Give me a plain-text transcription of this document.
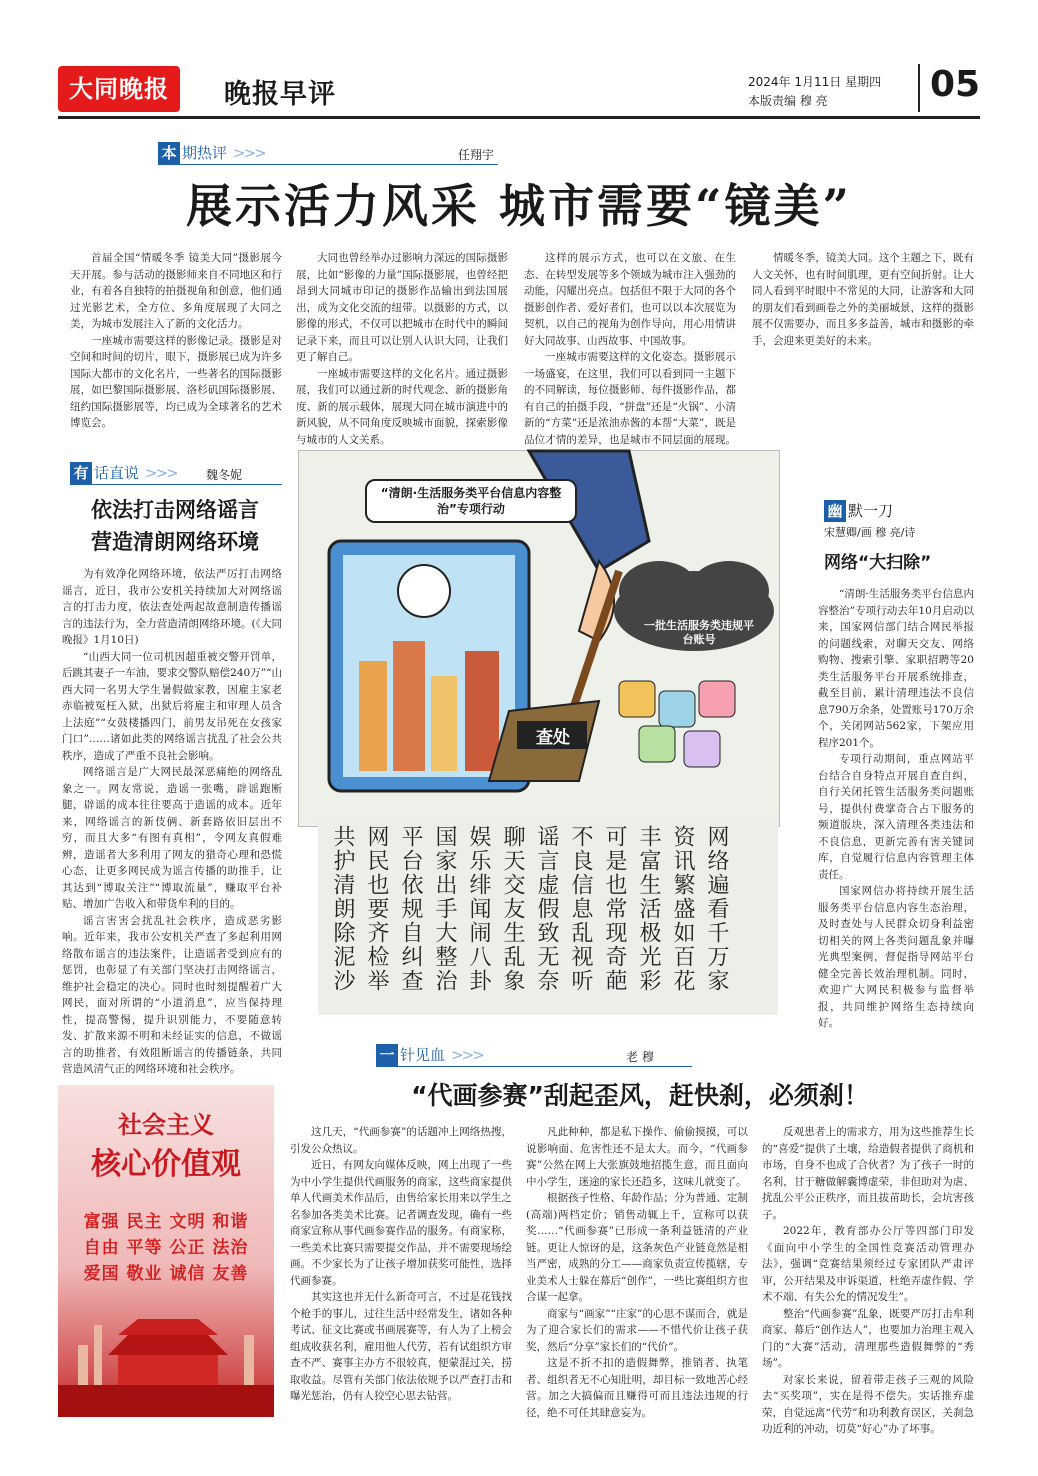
大同晚报	晚报早评	2024年 1月11日 星期四
本版责编 穆 亮	05
本 期热评 >>>	任翔宇
展示活力风采 城市需要“镜美”

首届全国“情暖冬季 镜美大同”摄影展今天开展。参与活动的摄影师来自不同地区和行业，有着各自独特的拍摄视角和创意，他们通过光影艺术，全方位、多角度展现了大同之美，为城市发展注入了新的文化活力。

一座城市需要这样的影像记录。摄影是对空间和时间的切片，眼下，摄影展已成为许多国际大都市的文化名片，一些著名的国际摄影展，如巴黎国际摄影展、洛杉矶国际摄影展、纽约国际摄影展等，均已成为全球著名的艺术博览会。

大同也曾经举办过影响力深远的国际摄影展，比如“影像的力量”国际摄影展，也曾经把昂到大同城市印记的摄影作品输出到法国展出，成为文化交流的纽带。以摄影的方式，以影像的形式，不仅可以把城市在时代中的瞬间记录下来，而且可以让别人认识大同，让我们更了解自己。

一座城市需要这样的文化名片。通过摄影展，我们可以通过新的时代观念、新的摄影角度、新的展示载体，展现大同在城市演进中的新风貌，从不同角度反映城市面貌，探索影像与城市的人文关系。

这样的展示方式，也可以在文旅、在生态、在转型发展等多个领域为城市注入强劲的动能，闪耀出亮点。包括但不限于大同的各个摄影创作者、爱好者们，也可以以本次展览为契机，以自己的视角为创作导向，用心用情讲好大同故事、山西故事、中国故事。

一座城市需要这样的文化姿态。摄影展示一场盛宴，在这里，我们可以看到同一主题下的不同解读，每位摄影师、每件摄影作品，都有自己的拍摄手段，“拼盘”还是“火锅”、小清新的“方菜”还是浓油赤酱的本帮“大菜”，既是品位才情的差异，也是城市不同层面的展现。

情暖冬季，镜美大同。这个主题之下，既有人文关怀，也有时间肌理，更有空间折射。让大同人看到平时眼中不常见的大同，让游客和大同的朋友们看到画卷之外的美丽城景，这样的摄影展不仅需要办，而且多多益善，城市和摄影的牵手，会迎来更美好的未来。

有 话直说 >>> 魏冬妮
依法打击网络谣言
营造清朗网络环境

为有效净化网络环境，依法严厉打击网络谣言，近日，我市公安机关持续加大对网络谣言的打击力度，依法查处两起故意制造传播谣言的违法行为，全力营造清朗网络环境。(《大同晚报》1月10日)

“山西大同一位司机因超重被交警开罚单，后跳其妻子一车油，要求交警队赔偿240万”“山西大同一名男大学生暑假做家教，因雇主家老赤临被冤枉入狱，出狱后将雇主和审理人员含上法庭”“女鼓楼播四门，前男友吊死在女孩家门口”……诸如此类的网络谣言扰乱了社会公共秩序，造成了严重不良社会影响。

网络谣言是广大网民最深恶痛绝的网络乱象之一。网友常说，造谣一张嘴，辟谣跑断腿，辟谣的成本往往要高于造谣的成本。近年来，网络谣言的新伎俩、新套路依旧层出不穷，而且大多“有图有真相”，令网友真假难辨，造谣者大多利用了网友的猎奇心理和恐慌心态，让更多网民成为谣言传播的助推手，让其达到“博取关注”“博取流量”，赚取平台补贴、增加广告收入和带货牟利的目的。

谣言害害会扰乱社会秩序，造成恶劣影响。近年来，我市公安机关严查了多起利用网络散布谣言的违法案件，让造谣者受到应有的惩罚，也彰显了有关部门坚决打击网络谣言，维护社会稳定的决心。同时也时刻提醒着广大网民，面对所谓的“小道消息”，应当保持理性，提高警惕，提升识别能力，不要随意转发、扩散来源不明和未经证实的信息，不做谣言的助推者，有效阻断谣言的传播链条，共同营造风清气正的网络环境和社会秩序。

“清朗·生活服务类平台信息内容整治”专项行动
一批生活服务类违规平台账号
查处
网络遍看千万家
资讯繁盛如百花
丰富生活极光彩
可是也常现奇葩
不良信息乱视听
谣言虚假致无奈
聊天交友生乱象
娱乐绯闻闹八卦
国家出手大整治
平台依规自纠查
网民也要齐检举
共护清朗除泥沙
幽 默一刀
宋慧卿/画 穆 亮/诗
网络“大扫除”

“清朗·生活服务类平台信息内容整治”专项行动去年10月启动以来，国家网信部门结合网民举报的问题线索，对聊天交友、网络购物、搜索引擎、家职招聘等20类生活服务平台开展系统排查，截至目前，累计清理违法不良信息790万余条，处置账号170万余个，关闭网站562家，下架应用程序201个。

专项行动期间，重点网站平台结合自身特点开展自查自纠，自行关闭托管生活服务类问题账号，提供付费掌奇合占下服务的频道版块，深入清理各类违法和不良信息，更新完善有害关键词库，自觉履行信息内容管理主体责任。

国家网信办将持续开展生活服务类平台信息内容生态治理，及时查处与人民群众切身利益密切相关的网上各类问题乱象并曝光典型案例，督促指导网站平台健全完善长效治理机制。同时，欢迎广大网民积极参与监督举报，共同维护网络生态持续向好。

一 针见血 >>>	老 穆
“代画参赛”刮起歪风，赶快刹，必须刹！

这几天，“代画参赛”的话题冲上网络热搜，引发公众热议。

近日，有网友向媒体反映，网上出现了一些为中小学生提供代画服务的商家，这些商家提供单人代画美术作品后，由售给家长用来以学生之名参加各类美术比赛。记者调查发现，确有一些商家宣称从事代画参赛作品的服务。有商家称，一些美术比赛只需要提交作品，并不需要现场绘画。不少家长为了让孩子增加获奖可能性，选择代画参赛。

其实这也并无什么新奇可言，不过是花钱找个枪手的事儿，过往生活中经常发生，诸如各种考试、征文比赛或书画展赛等，有人为了上榜会组成收获名利，雇用他人代劳，若有试组织方审查不严、赛事主办方不很较真，便蒙混过关，捞取收益。尽管有关部门依法依规予以严查打击和曝光惩治，仍有人狡空心思去钻营。

凡此种种，都是私下操作、偷偷摸摸，可以说影响面、危害性还不是太大。而今，“代画参赛”公然在网上大张旗鼓地招揽生意，而且面向中小学生，迷途的家长还趋多，这味儿就变了。

根据孩子性格、年龄作品；分为普通、定制(高端)两档定价；销售动辄上千，宣称可以获奖……“代画参赛”已形成一条利益链清的产业链。更让人惊讶的是，这条灰色产业链竟然是相当严密，成熟的分工——商家负责宣传揽辖，专业美术人士躲在幕后“创作”，一些比赛组织方也合谋一起拿。

商家与“画家”“庄家”的心思不谋而合，就是为了迎合家长们的需求——不惜代价让孩子获奖，然后“分享”家长们的“代价”。

这是不折不扣的造假舞弊，推销者、执笔者、组织者无不心知肚明，却目标一致地苦心经营。加之大搞偏而且赚得可而且违法违规的行径，绝不可任其肆意妄为。

反观患者上的需求方，用为这些推荐生长的“喜爱”提供了土壤，给造假者提供了商机和市场，自身不也成了合伙者？为了孩子一时的名利，甘于糖做解囊博虚荣，非但助对为虐、扰乱公平公正秩序，而且拔苗助长，会坑害孩子。

2022年，教育部办公厅等四部门印发《面向中小学生的全国性竞赛活动管理办法》，强调“竞赛结果须经过专家团队严肃评审，公开结果及申诉渠道，杜绝弄虚作假、学术不端、有失公允的情况发生”。

整治“代画参赛”乱象，既要严厉打击牟利商家、幕后“创作达人”，也要加力治理主观入门的“大赛”活动，清理那些造假舞弊的“秀场”。

对家长来说，留着带走孩子三观的风险去“买奖项”，实在是得不偿失。实话推弃虚荣，自觉远离“代劳”和功利教育误区，关刹急功近利的冲动，切莫“好心”办了坏事。

社会主义
核心价值观
富强 民主 文明 和谐
自由 平等 公正 法治
爱国 敬业 诚信 友善
